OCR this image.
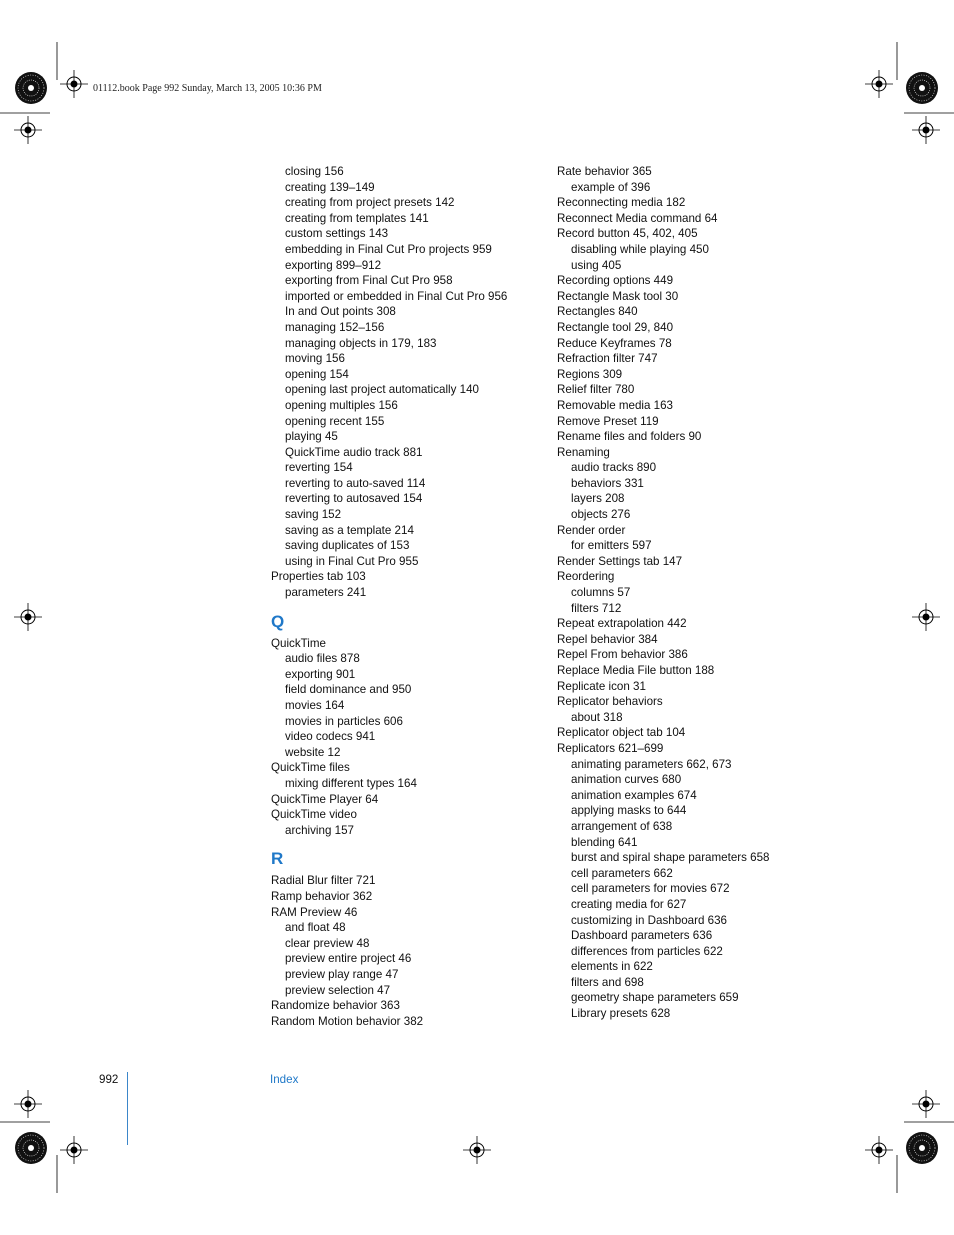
01112.book Page 992 Sunday, March 13, 2005 10:36 PM
closing 156
creating 139–149
creating from project presets 142
creating from templates 141
custom settings 143
embedding in Final Cut Pro projects 959
exporting 899–912
exporting from Final Cut Pro 958
imported or embedded in Final Cut Pro 956
In and Out points 308
managing 152–156
managing objects in 179, 183
moving 156
opening 154
opening last project automatically 140
opening multiples 156
opening recent 155
playing 45
QuickTime audio track 881
reverting 154
reverting to auto-saved 114
reverting to autosaved 154
saving 152
saving as a template 214
saving duplicates of 153
using in Final Cut Pro 955
Properties tab 103
parameters 241
Q
QuickTime
audio files 878
exporting 901
field dominance and 950
movies 164
movies in particles 606
video codecs 941
website 12
QuickTime files
mixing different types 164
QuickTime Player 64
QuickTime video
archiving 157
R
Radial Blur filter 721
Ramp behavior 362
RAM Preview 46
and float 48
clear preview 48
preview entire project 46
preview play range 47
preview selection 47
Randomize behavior 363
Random Motion behavior 382
Rate behavior 365
example of 396
Reconnecting media 182
Reconnect Media command 64
Record button 45, 402, 405
disabling while playing 450
using 405
Recording options 449
Rectangle Mask tool 30
Rectangles 840
Rectangle tool 29, 840
Reduce Keyframes 78
Refraction filter 747
Regions 309
Relief filter 780
Removable media 163
Remove Preset 119
Rename files and folders 90
Renaming
audio tracks 890
behaviors 331
layers 208
objects 276
Render order
for emitters 597
Render Settings tab 147
Reordering
columns 57
filters 712
Repeat extrapolation 442
Repel behavior 384
Repel From behavior 386
Replace Media File button 188
Replicate icon 31
Replicator behaviors
about 318
Replicator object tab 104
Replicators 621–699
animating parameters 662, 673
animation curves 680
animation examples 674
applying masks to 644
arrangement of 638
blending 641
burst and spiral shape parameters 658
cell parameters 662
cell parameters for movies 672
creating media for 627
customizing in Dashboard 636
Dashboard parameters 636
differences from particles 622
elements in 622
filters and 698
geometry shape parameters 659
Library presets 628
992	Index
